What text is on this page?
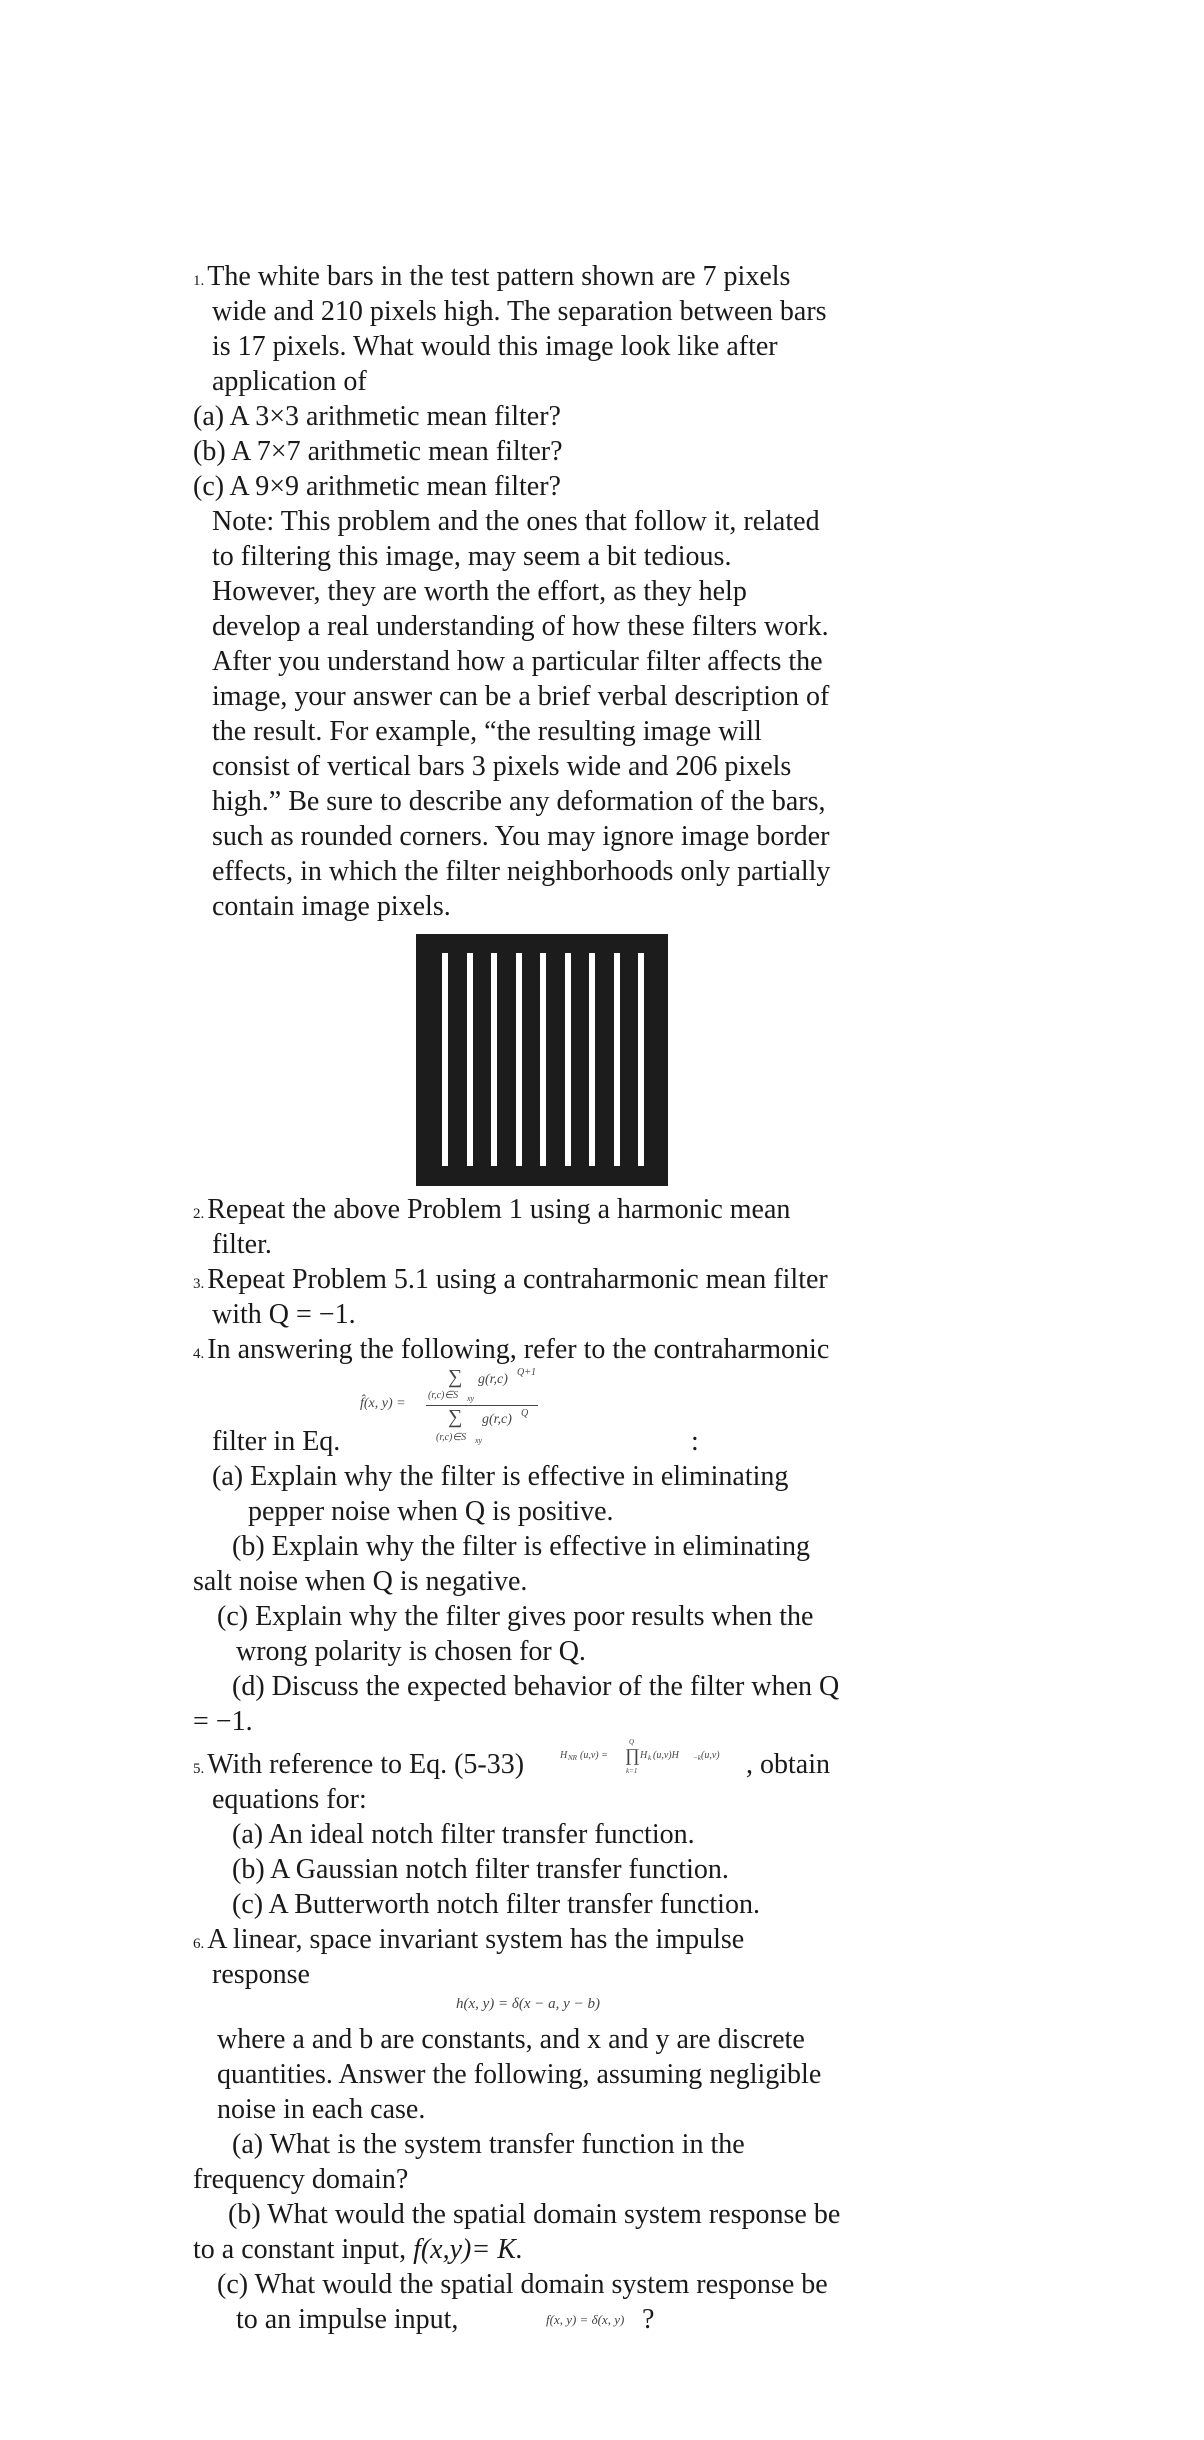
1. The white bars in the test pattern shown are 7 pixels
wide and 210 pixels high. The separation between bars
is 17 pixels. What would this image look like after
application of
(a) A 3×3 arithmetic mean filter?
(b) A 7×7 arithmetic mean filter?
(c) A 9×9 arithmetic mean filter?
Note: This problem and the ones that follow it, related
to filtering this image, may seem a bit tedious.
However, they are worth the effort, as they help
develop a real understanding of how these filters work.
After you understand how a particular filter affects the
image, your answer can be a brief verbal description of
the result. For example, “the resulting image will
consist of vertical bars 3 pixels wide and 206 pixels
high.” Be sure to describe any deformation of the bars,
such as rounded corners. You may ignore image border
effects, in which the filter neighborhoods only partially
contain image pixels.
2. Repeat the above Problem 1 using a harmonic mean
filter.
3. Repeat Problem 5.1 using a contraharmonic mean filter
with Q = −1.
4. In answering the following, refer to the contraharmonic
f̂(x, y) =
∑ g(r,c) Q+1
(r,c)∈S xy
∑ g(r,c) Q
(r,c)∈S xy
filter in Eq.	:
(a) Explain why the filter is effective in eliminating
pepper noise when Q is positive.
(b) Explain why the filter is effective in eliminating
salt noise when Q is negative.
(c) Explain why the filter gives poor results when the
wrong polarity is chosen for Q.
(d) Discuss the expected behavior of the filter when Q
= −1.
5. With reference to Eq. (5-33)	H NR (u,v) = ∏
Q
k=1
H k (u,v)H −k (u,v) , obtain
equations for:
(a) An ideal notch filter transfer function.
(b) A Gaussian notch filter transfer function.
(c) A Butterworth notch filter transfer function.
6. A linear, space invariant system has the impulse
response
h(x, y) = δ(x − a, y − b)
where a and b are constants, and x and y are discrete
quantities. Answer the following, assuming negligible
noise in each case.
(a) What is the system transfer function in the
frequency domain?
(b) What would the spatial domain system response be
to a constant input, f(x,y)= K.
(c) What would the spatial domain system response be
to an impulse input,	f(x, y) = δ(x, y) ?
